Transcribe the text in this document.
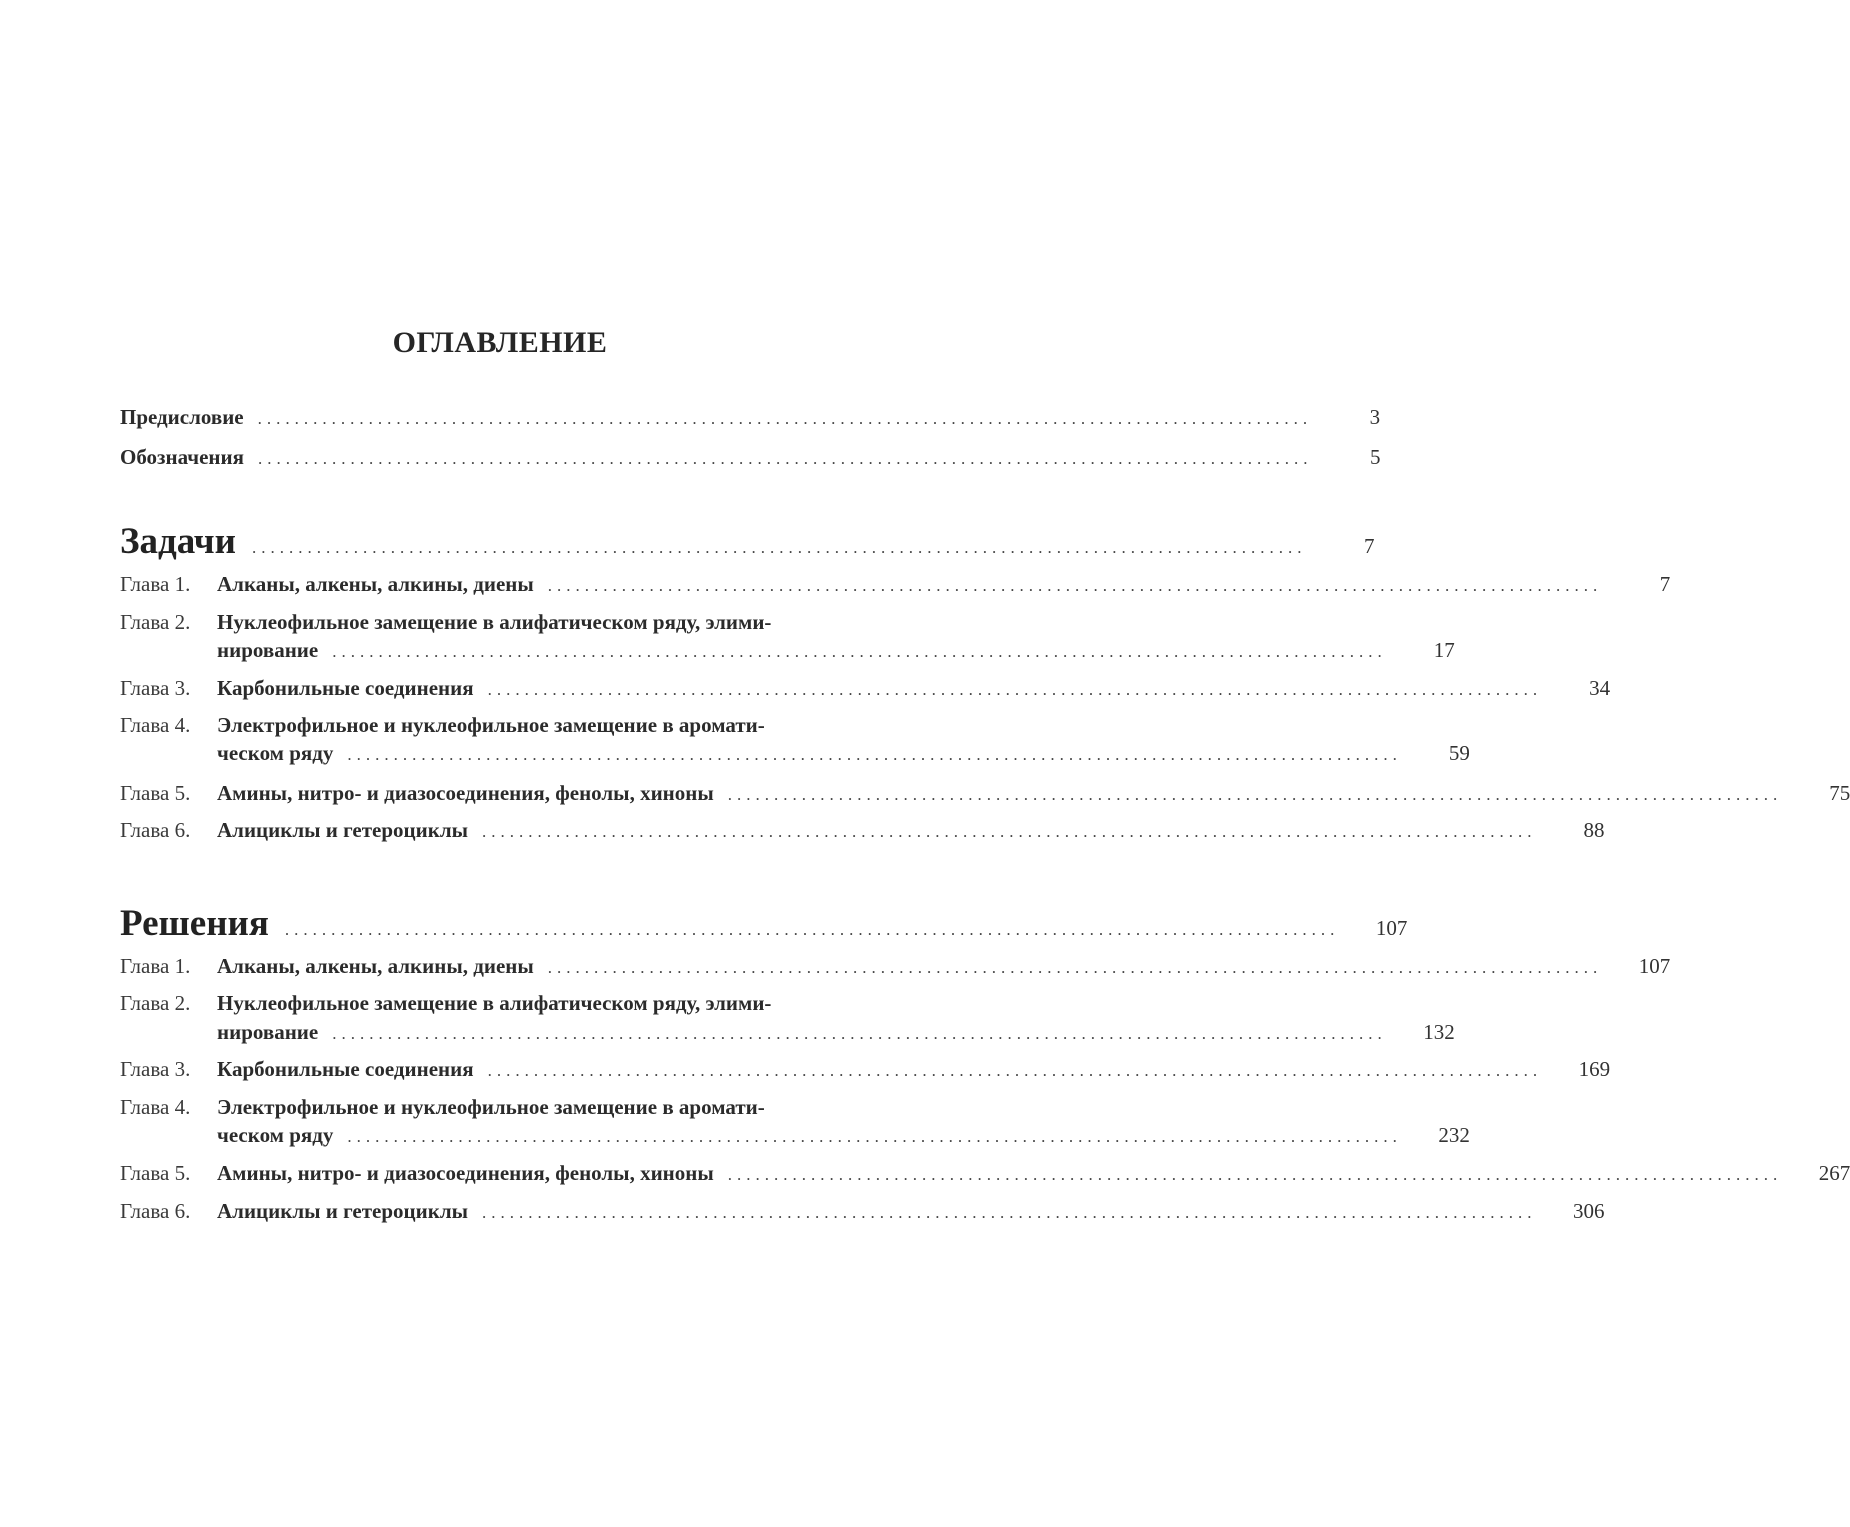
ОГЛАВЛЕНИЕ
Предисловие ..................................................................................................................	3
Обозначения ..................................................................................................................	5
Задачи ..................................................................................................................	7
Глава 1.	Алканы, алкены, алкины, диены ..................................................................................................................	7
Глава 2.	Нуклеофильное замещение в алифатическом ряду, элими-
нирование ..................................................................................................................	17
Глава 3.	Карбонильные соединения ..................................................................................................................	34
Глава 4.	Электрофильное и нуклеофильное замещение в аромати-
ческом ряду ..................................................................................................................	59
Глава 5.	Амины, нитро- и диазосоединения, фенолы, хиноны ..................................................................................................................	75
Глава 6.	Алициклы и гетероциклы ..................................................................................................................	88
Решения ..................................................................................................................	107
Глава 1.	Алканы, алкены, алкины, диены ..................................................................................................................	107
Глава 2.	Нуклеофильное замещение в алифатическом ряду, элими-
нирование ..................................................................................................................	132
Глава 3.	Карбонильные соединения ..................................................................................................................	169
Глава 4.	Электрофильное и нуклеофильное замещение в аромати-
ческом ряду ..................................................................................................................	232
Глава 5.	Амины, нитро- и диазосоединения, фенолы, хиноны ..................................................................................................................	267
Глава 6.	Алициклы и гетероциклы ..................................................................................................................	306
